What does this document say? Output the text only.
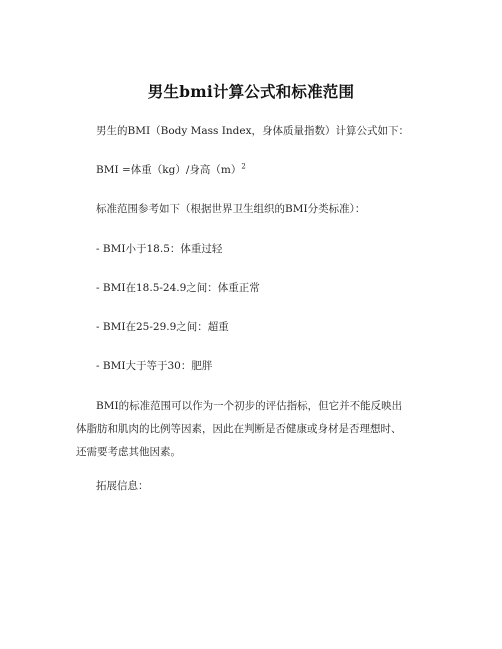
男生bmi计算公式和标准范围
男生的BMI（Body Mass Index，身体质量指数）计算公式如下：
BMI =体重（kg）/身高$(m)^2$
标准范围参考如下（根据世界卫生组织的BMI分类标准）：
- BMI小于18.5：体重过轻
- BMI在18.5-24.9之间：体重正常
- BMI在25-29.9之间：超重
- BMI大于等于30：肥胖
BMI的标准范围可以作为一个初步的评估指标，但它并不能反映出
体脂肪和肌肉的比例等因素，因此在判断是否健康或身材是否理想时、
还需要考虑其他因素。
拓展信息：
